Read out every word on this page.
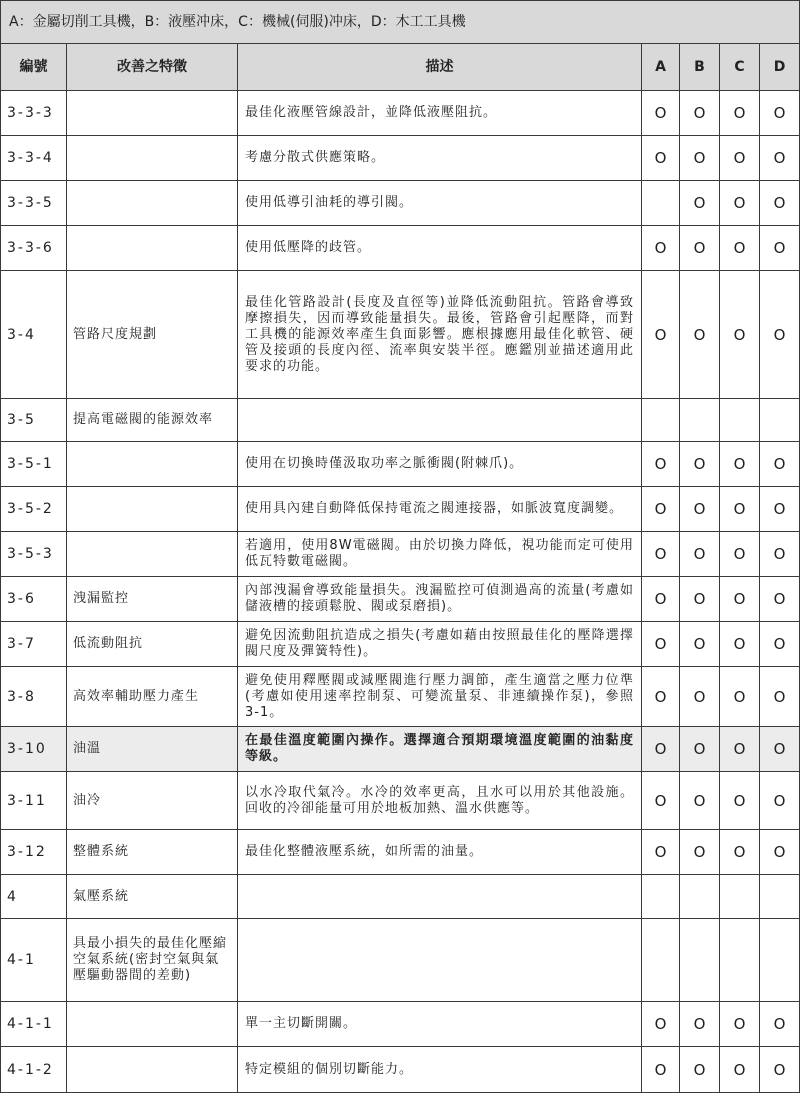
A：金屬切削工具機，B：液壓冲床，C：機械(伺服)冲床，D：木工工具機						
編號	改善之特徵	描述	A	B	C	D
3-3-3		最佳化液壓管線設計，並降低液壓阻抗。	O	O	O	O
3-3-4		考慮分散式供應策略。	O	O	O	O
3-3-5		使用低導引油耗的導引閥。		O	O	O
3-3-6		使用低壓降的歧管。	O	O	O	O
3-4	管路尺度規劃	最佳化管路設計(長度及直徑等)並降低流動阻抗。管路會導致摩擦損失，因而導致能量損失。最後，管路會引起壓降，而對工具機的能源效率產生負面影響。應根據應用最佳化軟管、硬管及接頭的長度內徑、流率與安裝半徑。應鑑別並描述適用此要求的功能。	O	O	O	O
3-5	提高電磁閥的能源效率					
3-5-1		使用在切換時僅汲取功率之脈衝閥(附棘爪)。	O	O	O	O
3-5-2		使用具內建自動降低保持電流之閥連接器，如脈波寬度調變。	O	O	O	O
3-5-3		若適用，使用8W電磁閥。由於切換力降低，視功能而定可使用低瓦特數電磁閥。	O	O	O	O
3-6	洩漏監控	內部洩漏會導致能量損失。洩漏監控可偵測過高的流量(考慮如儲液槽的接頭鬆脫、閥或泵磨損)。	O	O	O	O
3-7	低流動阻抗	避免因流動阻抗造成之損失(考慮如藉由按照最佳化的壓降選擇閥尺度及彈簧特性)。	O	O	O	O
3-8	高效率輔助壓力產生	避免使用釋壓閥或減壓閥進行壓力調節，產生適當之壓力位準(考慮如使用速率控制泵、可變流量泵、非連續操作泵)，參照3-1。	O	O	O	O
3-10	油溫	在最佳溫度範圍內操作。選擇適合預期環境溫度範圍的油黏度等級。	O	O	O	O
3-11	油冷	以水冷取代氣冷。水冷的效率更高，且水可以用於其他設施。回收的冷卻能量可用於地板加熱、溫水供應等。	O	O	O	O
3-12	整體系統	最佳化整體液壓系統，如所需的油量。	O	O	O	O
4	氣壓系統					
4-1	具最小損失的最佳化壓縮空氣系統(密封空氣與氣壓驅動器間的差動)					
4-1-1		單一主切斷開關。	O	O	O	O
4-1-2		特定模組的個別切斷能力。	O	O	O	O
